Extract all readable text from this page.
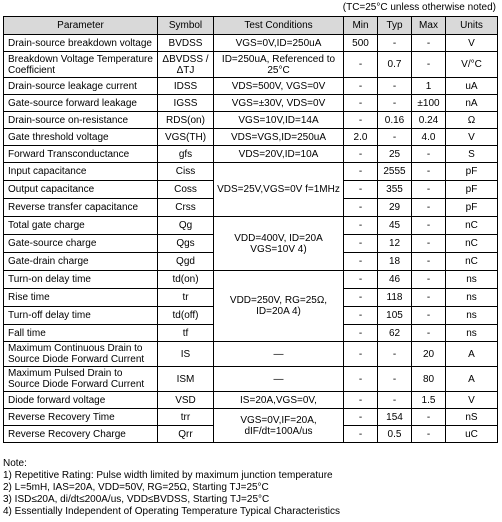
(TC=25°C unless otherwise noted)
Parameter	Symbol	Test Conditions	Min	Typ	Max	Units
Drain-source breakdown voltage	BVDSS	VGS=0V,ID=250uA	500	-	-	V
Breakdown Voltage Temperature Coefficient	ΔBVDSS /ΔTJ	ID=250uA, Referenced to 25°C	-	0.7	-	V/°C
Drain-source leakage current	IDSS	VDS=500V, VGS=0V	-	-	1	uA
Gate-source forward leakage	IGSS	VGS=±30V, VDS=0V	-	-	±100	nA
Drain-source on-resistance	RDS(on)	VGS=10V,ID=14A	-	0.16	0.24	Ω
Gate threshold voltage	VGS(TH)	VDS=VGS,ID=250uA	2.0	-	4.0	V
Forward Transconductance	gfs	VDS=20V,ID=10A	-	25	-	S
Input capacitance	Ciss	VDS=25V,VGS=0V f=1MHz	-	2555	-	pF
Output capacitance	Coss		-	355	-	pF
Reverse transfer capacitance	Crss		-	29	-	pF
Total gate charge	Qg	VDD=400V, ID=20A VGS=10V 4)	-	45	-	nC
Gate-source charge	Qgs		-	12	-	nC
Gate-drain charge	Qgd		-	18	-	nC
Turn-on delay time	td(on)	VDD=250V, RG=25Ω, ID=20A 4)	-	46	-	ns
Rise time	tr		-	118	-	ns
Turn-off delay time	td(off)		-	105	-	ns
Fall time	tf		-	62	-	ns
Maximum Continuous Drain to Source Diode Forward Current	IS	—	-	-	20	A
Maximum Pulsed Drain to Source Diode Forward Current	ISM	—	-	-	80	A
Diode forward voltage	VSD	IS=20A,VGS=0V,	-	-	1.5	V
Reverse Recovery Time	trr	VGS=0V,IF=20A, dIF/dt=100A/us	-	154	-	nS
Reverse Recovery Charge	Qrr		-	0.5	-	uC
Note:
1) Repetitive Rating: Pulse width limited by maximum junction temperature
2) L=5mH, IAS=20A, VDD=50V, RG=25Ω, Starting TJ=25°C
3) ISD≤20A, di/dt≤200A/us, VDD≤BVDSS, Starting TJ=25°C
4) Essentially Independent of Operating Temperature Typical Characteristics
